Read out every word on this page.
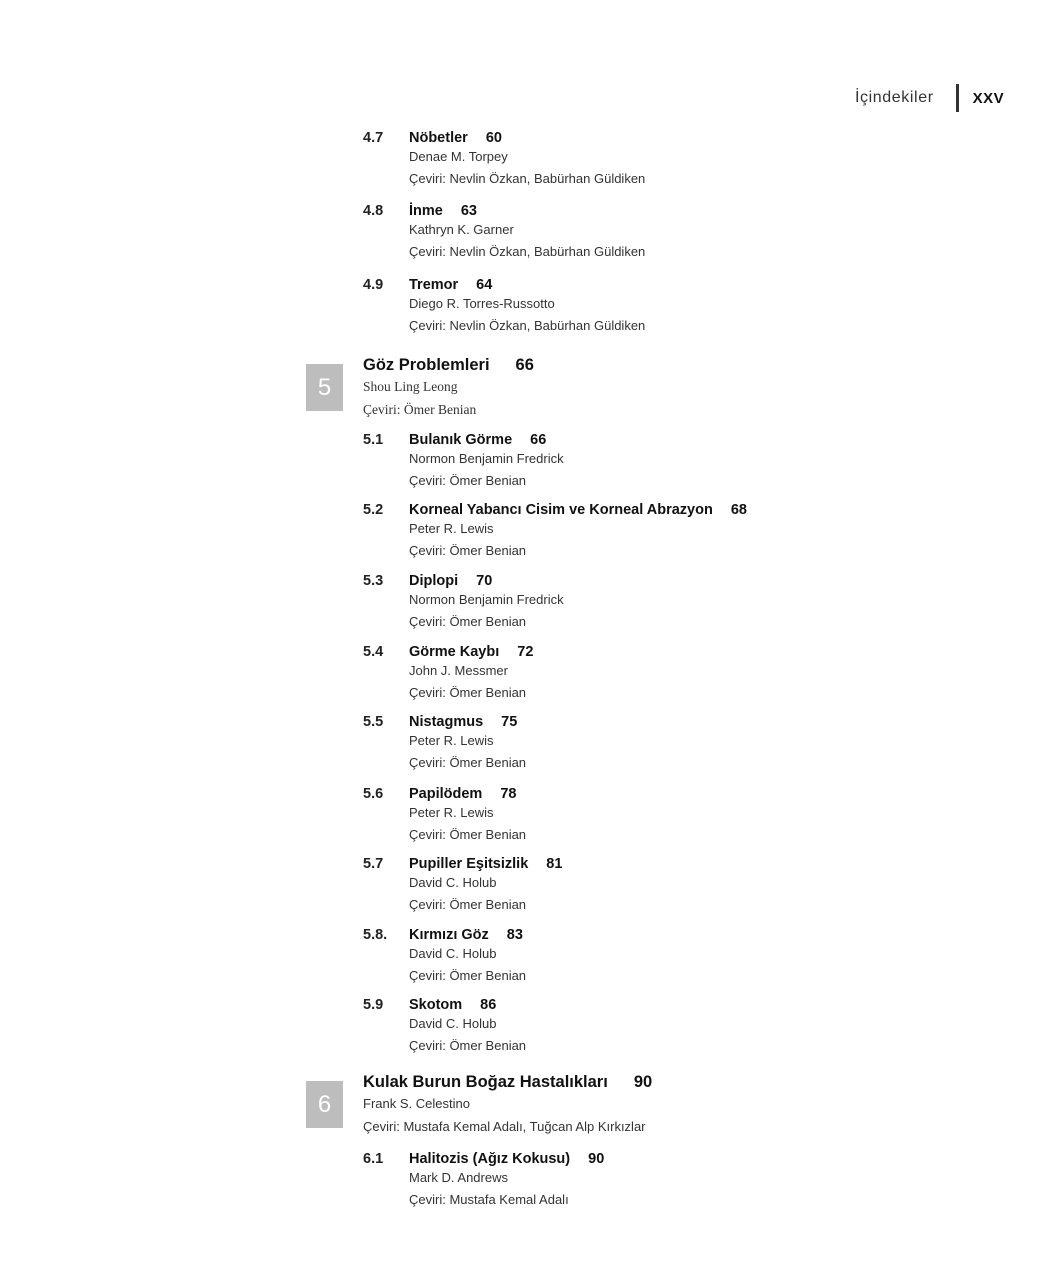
İçindekiler	XXV
4.7	Nöbetler 60
Denae M. Torpey
Çeviri: Nevlin Özkan, Babürhan Güldiken
4.8	İnme 63
Kathryn K. Garner
Çeviri: Nevlin Özkan, Babürhan Güldiken
4.9	Tremor 64
Diego R. Torres-Russotto
Çeviri: Nevlin Özkan, Babürhan Güldiken
5
Göz Problemleri 66
Shou Ling Leong
Çeviri: Ömer Benian
5.1	Bulanık Görme 66
Normon Benjamin Fredrick
Çeviri: Ömer Benian
5.2	Korneal Yabancı Cisim ve Korneal Abrazyon 68
Peter R. Lewis
Çeviri: Ömer Benian
5.3	Diplopi 70
Normon Benjamin Fredrick
Çeviri: Ömer Benian
5.4	Görme Kaybı 72
John J. Messmer
Çeviri: Ömer Benian
5.5	Nistagmus 75
Peter R. Lewis
Çeviri: Ömer Benian
5.6	Papilödem 78
Peter R. Lewis
Çeviri: Ömer Benian
5.7	Pupiller Eşitsizlik 81
David C. Holub
Çeviri: Ömer Benian
5.8.	Kırmızı Göz 83
David C. Holub
Çeviri: Ömer Benian
5.9	Skotom 86
David C. Holub
Çeviri: Ömer Benian
6
Kulak Burun Boğaz Hastalıkları 90
Frank S. Celestino
Çeviri: Mustafa Kemal Adalı, Tuğcan Alp Kırkızlar
6.1	Halitozis (Ağız Kokusu) 90
Mark D. Andrews
Çeviri: Mustafa Kemal Adalı
